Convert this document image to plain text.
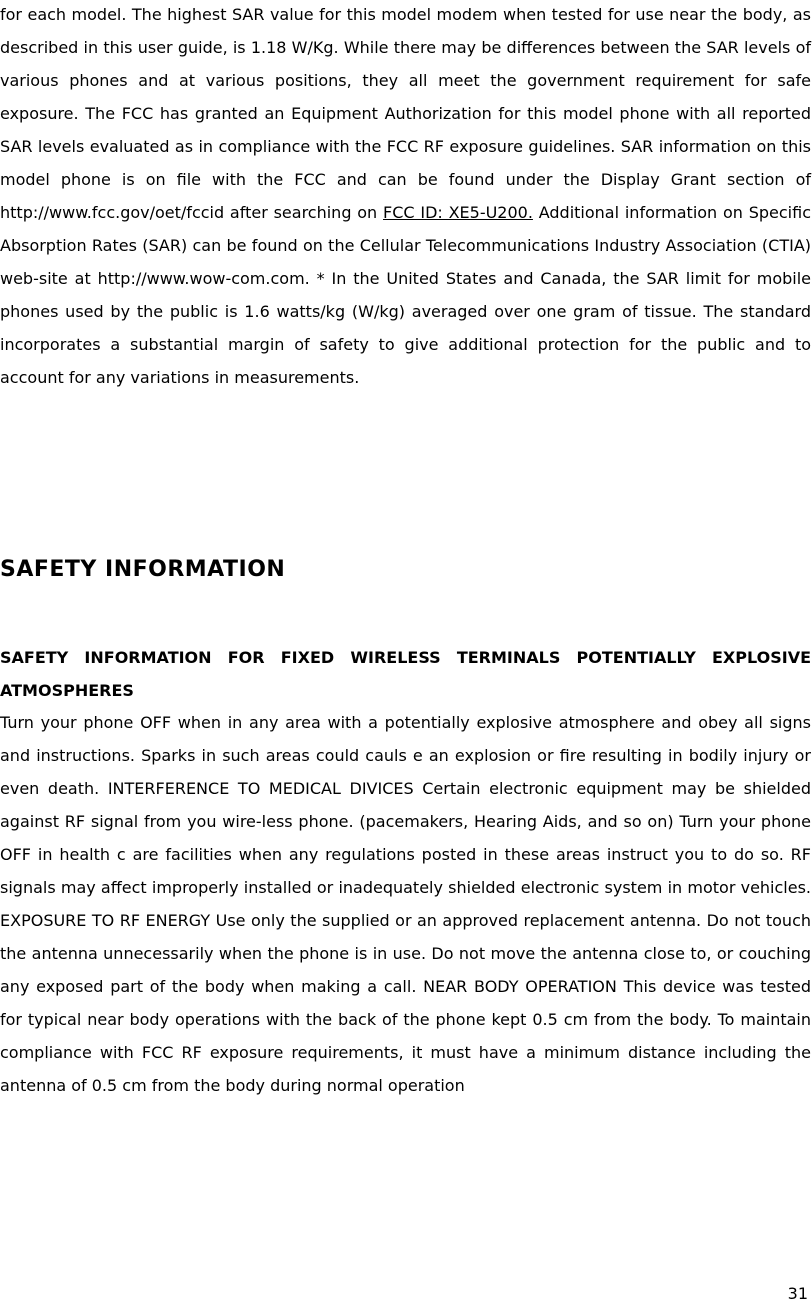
for each model. The highest SAR value for this model modem when tested for use near the body, as described in this user guide, is 1.18 W/Kg. While there may be differences between the SAR levels of various phones and at various positions, they all meet the government requirement for safe exposure. The FCC has granted an Equipment Authorization for this model phone with all reported SAR levels evaluated as in compliance with the FCC RF exposure guidelines. SAR information on this model phone is on file with the FCC and can be found under the Display Grant section of http://www.fcc.gov/oet/fccid after searching on FCC ID: XE5-U200. Additional information on Specific Absorption Rates (SAR) can be found on the Cellular Telecommunications Industry Association (CTIA) web-site at http://www.wow-com.com. * In the United States and Canada, the SAR limit for mobile phones used by the public is 1.6 watts/kg (W/kg) averaged over one gram of tissue. The standard incorporates a substantial margin of safety to give additional protection for the public and to account for any variations in measurements.

SAFETY INFORMATION
SAFETY INFORMATION FOR FIXED WIRELESS TERMINALS POTENTIALLY EXPLOSIVE ATMOSPHERES

Turn your phone OFF when in any area with a potentially explosive atmosphere and obey all signs and instructions. Sparks in such areas could cauls e an explosion or fire resulting in bodily injury or even death. INTERFERENCE TO MEDICAL DIVICES Certain electronic equipment may be shielded against RF signal from you wire-less phone. (pacemakers, Hearing Aids, and so on) Turn your phone OFF in health c are facilities when any regulations posted in these areas instruct you to do so. RF signals may affect improperly installed or inadequately shielded electronic system in motor vehicles. EXPOSURE TO RF ENERGY Use only the supplied or an approved replacement antenna. Do not touch the antenna unnecessarily when the phone is in use. Do not move the antenna close to, or couching any exposed part of the body when making a call. NEAR BODY OPERATION This device was tested for typical near body operations with the back of the phone kept 0.5 cm from the body. To maintain compliance with FCC RF exposure requirements, it must have a minimum distance including the antenna of 0.5 cm from the body during normal operation

31
